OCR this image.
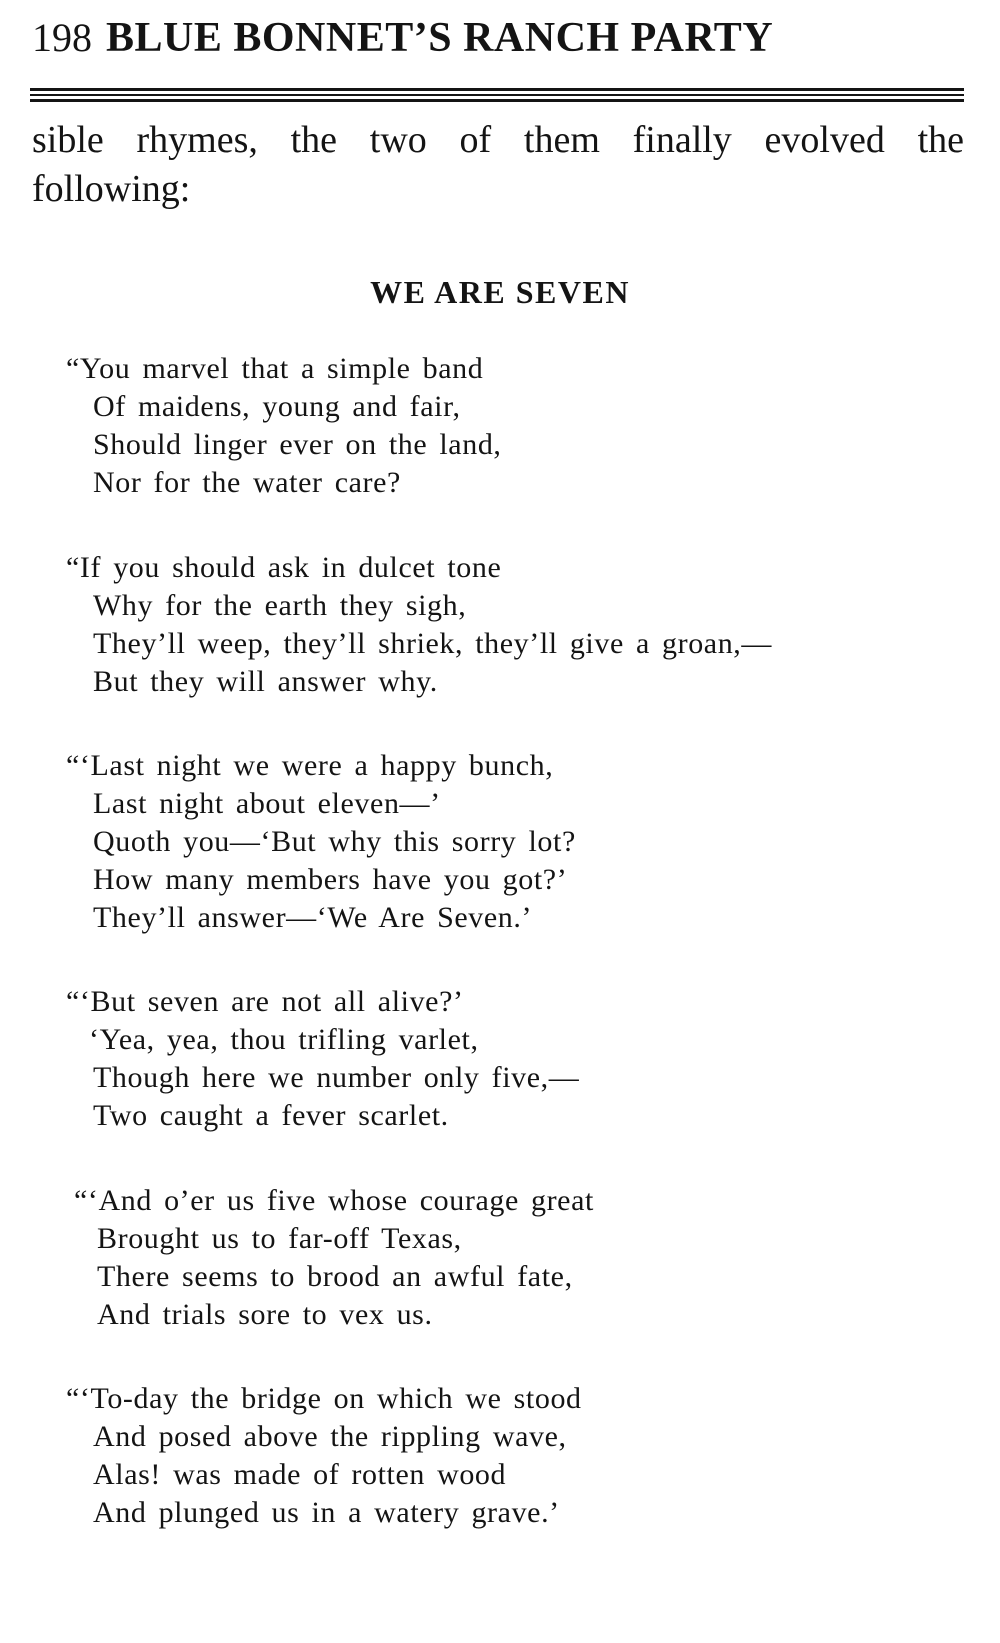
198 BLUE BONNET’S RANCH PARTY

sible rhymes, the two of them finally evolved the
following:

WE ARE SEVEN
“You marvel that a simple band
Of maidens, young and fair,
Should linger ever on the land,
Nor for the water care?
“If you should ask in dulcet tone
Why for the earth they sigh,
They’ll weep, they’ll shriek, they’ll give a groan,—
But they will answer why.
“‘Last night we were a happy bunch,
Last night about eleven—’
Quoth you—‘But why this sorry lot?
How many members have you got?’
They’ll answer—‘We Are Seven.’
“‘But seven are not all alive?’
‘Yea, yea, thou trifling varlet,
Though here we number only five,—
Two caught a fever scarlet.
“‘And o’er us five whose courage great
Brought us to far-off Texas,
There seems to brood an awful fate,
And trials sore to vex us.
“‘To-day the bridge on which we stood
And posed above the rippling wave,
Alas! was made of rotten wood
And plunged us in a watery grave.’
